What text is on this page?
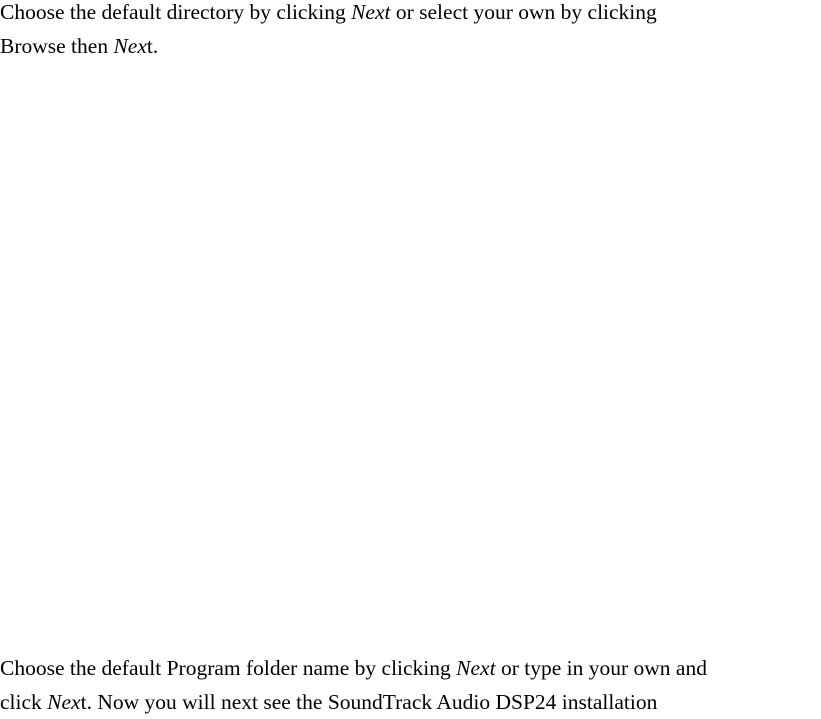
Choose the default directory by clicking Next or select your own by clicking
Browse then Next.

Choose the default Program folder name by clicking Next or type in your own and
click Next. Now you will next see the SoundTrack Audio DSP24 installation
